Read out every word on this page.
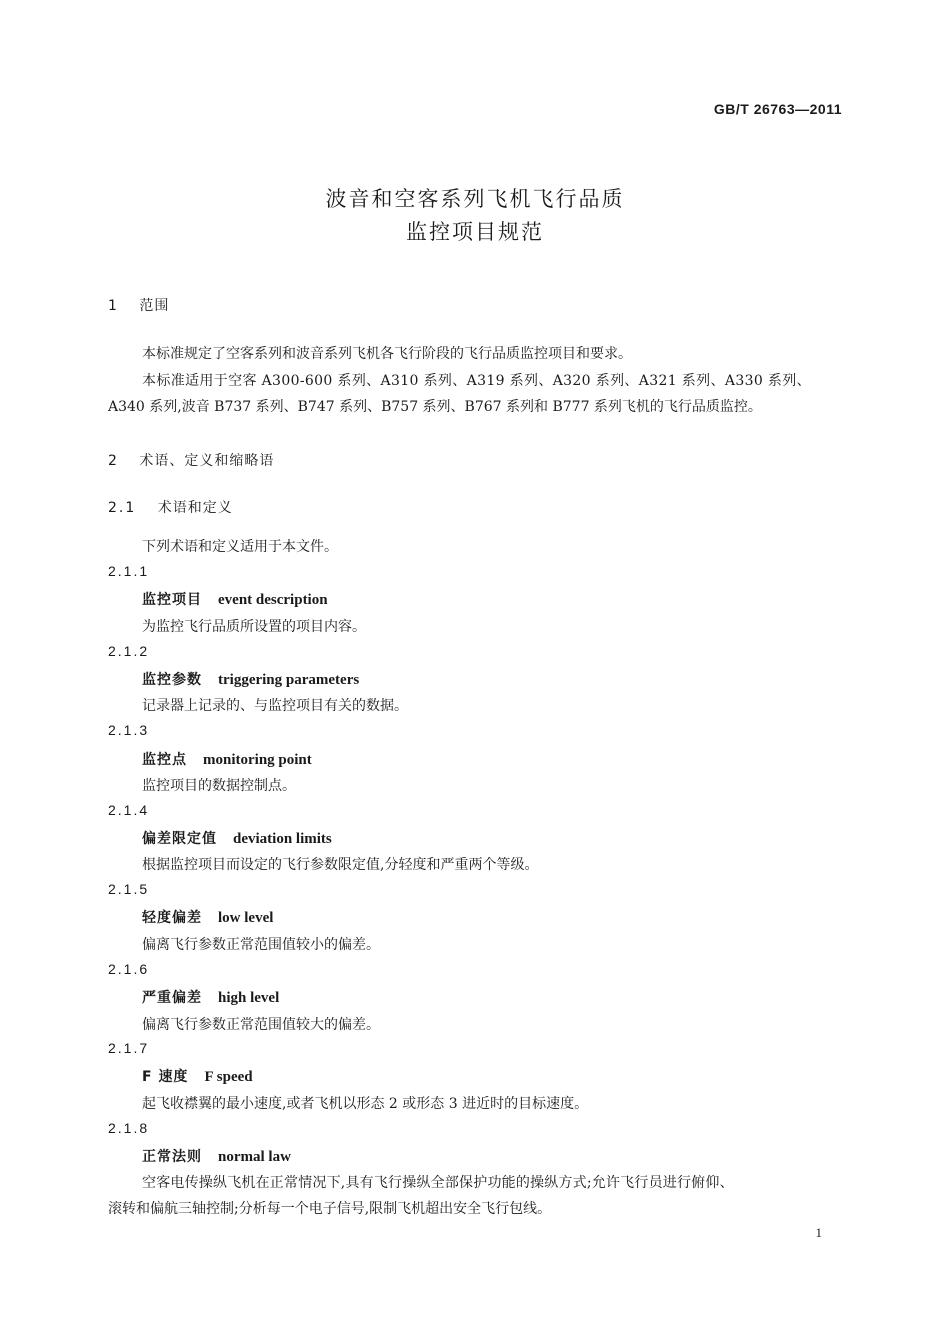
GB/T 26763—2011
波音和空客系列飞机飞行品质
监控项目规范
1 范围
本标准规定了空客系列和波音系列飞机各飞行阶段的飞行品质监控项目和要求。
本标准适用于空客 A300-600 系列、A310 系列、A319 系列、A320 系列、A321 系列、A330 系列、
A340 系列,波音 B737 系列、B747 系列、B757 系列、B767 系列和 B777 系列飞机的飞行品质监控。
2 术语、定义和缩略语
2.1 术语和定义
下列术语和定义适用于本文件。
2.1.1
监控项目 event description
为监控飞行品质所设置的项目内容。
2.1.2
监控参数 triggering parameters
记录器上记录的、与监控项目有关的数据。
2.1.3
监控点 monitoring point
监控项目的数据控制点。
2.1.4
偏差限定值 deviation limits
根据监控项目而设定的飞行参数限定值,分轻度和严重两个等级。
2.1.5
轻度偏差 low level
偏离飞行参数正常范围值较小的偏差。
2.1.6
严重偏差 high level
偏离飞行参数正常范围值较大的偏差。
2.1.7
F 速度 F speed
起飞收襟翼的最小速度,或者飞机以形态 2 或形态 3 进近时的目标速度。
2.1.8
正常法则 normal law
空客电传操纵飞机在正常情况下,具有飞行操纵全部保护功能的操纵方式;允许飞行员进行俯仰、
滚转和偏航三轴控制;分析每一个电子信号,限制飞机超出安全飞行包线。
1
